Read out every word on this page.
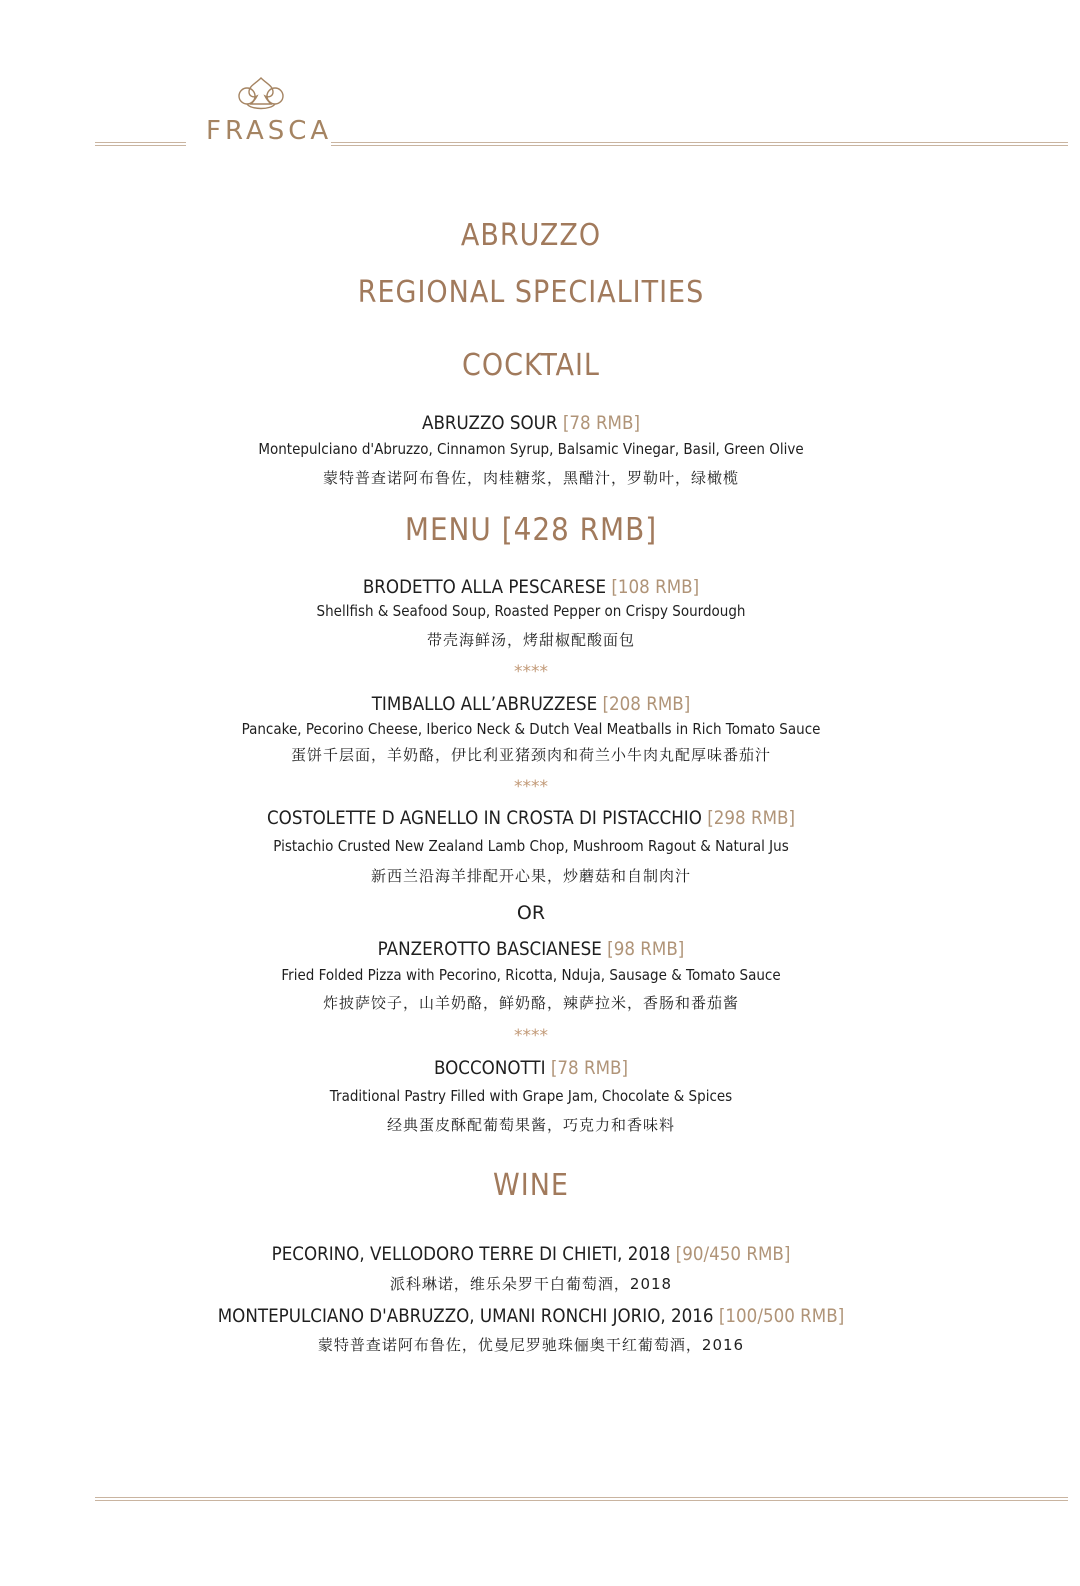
FRASCA
ABRUZZO
REGIONAL SPECIALITIES
COCKTAIL
ABRUZZO SOUR [78 RMB]
Montepulciano d'Abruzzo, Cinnamon Syrup, Balsamic Vinegar, Basil, Green Olive
蒙特普查诺阿布鲁佐，肉桂糖浆，黑醋汁，罗勒叶，绿橄榄
MENU [428 RMB]
BRODETTO ALLA PESCARESE [108 RMB]
Shellfish & Seafood Soup, Roasted Pepper on Crispy Sourdough
带壳海鲜汤，烤甜椒配酸面包
****
TIMBALLO ALL’ABRUZZESE [208 RMB]
Pancake, Pecorino Cheese, Iberico Neck & Dutch Veal Meatballs in Rich Tomato Sauce
蛋饼千层面，羊奶酪，伊比利亚猪颈肉和荷兰小牛肉丸配厚味番茄汁
****
COSTOLETTE D AGNELLO IN CROSTA DI PISTACCHIO [298 RMB]
Pistachio Crusted New Zealand Lamb Chop, Mushroom Ragout & Natural Jus
新西兰沿海羊排配开心果，炒蘑菇和自制肉汁
OR
PANZEROTTO BASCIANESE [98 RMB]
Fried Folded Pizza with Pecorino, Ricotta, Nduja, Sausage & Tomato Sauce
炸披萨饺子，山羊奶酪，鲜奶酪，辣萨拉米，香肠和番茄酱
****
BOCCONOTTI [78 RMB]
Traditional Pastry Filled with Grape Jam, Chocolate & Spices
经典蛋皮酥配葡萄果酱，巧克力和香味料
WINE
PECORINO, VELLODORO TERRE DI CHIETI, 2018 [90/450 RMB]
派科琳诺，维乐朵罗干白葡萄酒，2018
MONTEPULCIANO D'ABRUZZO, UMANI RONCHI JORIO, 2016 [100/500 RMB]
蒙特普查诺阿布鲁佐，优曼尼罗驰珠俪奥干红葡萄酒，2016
